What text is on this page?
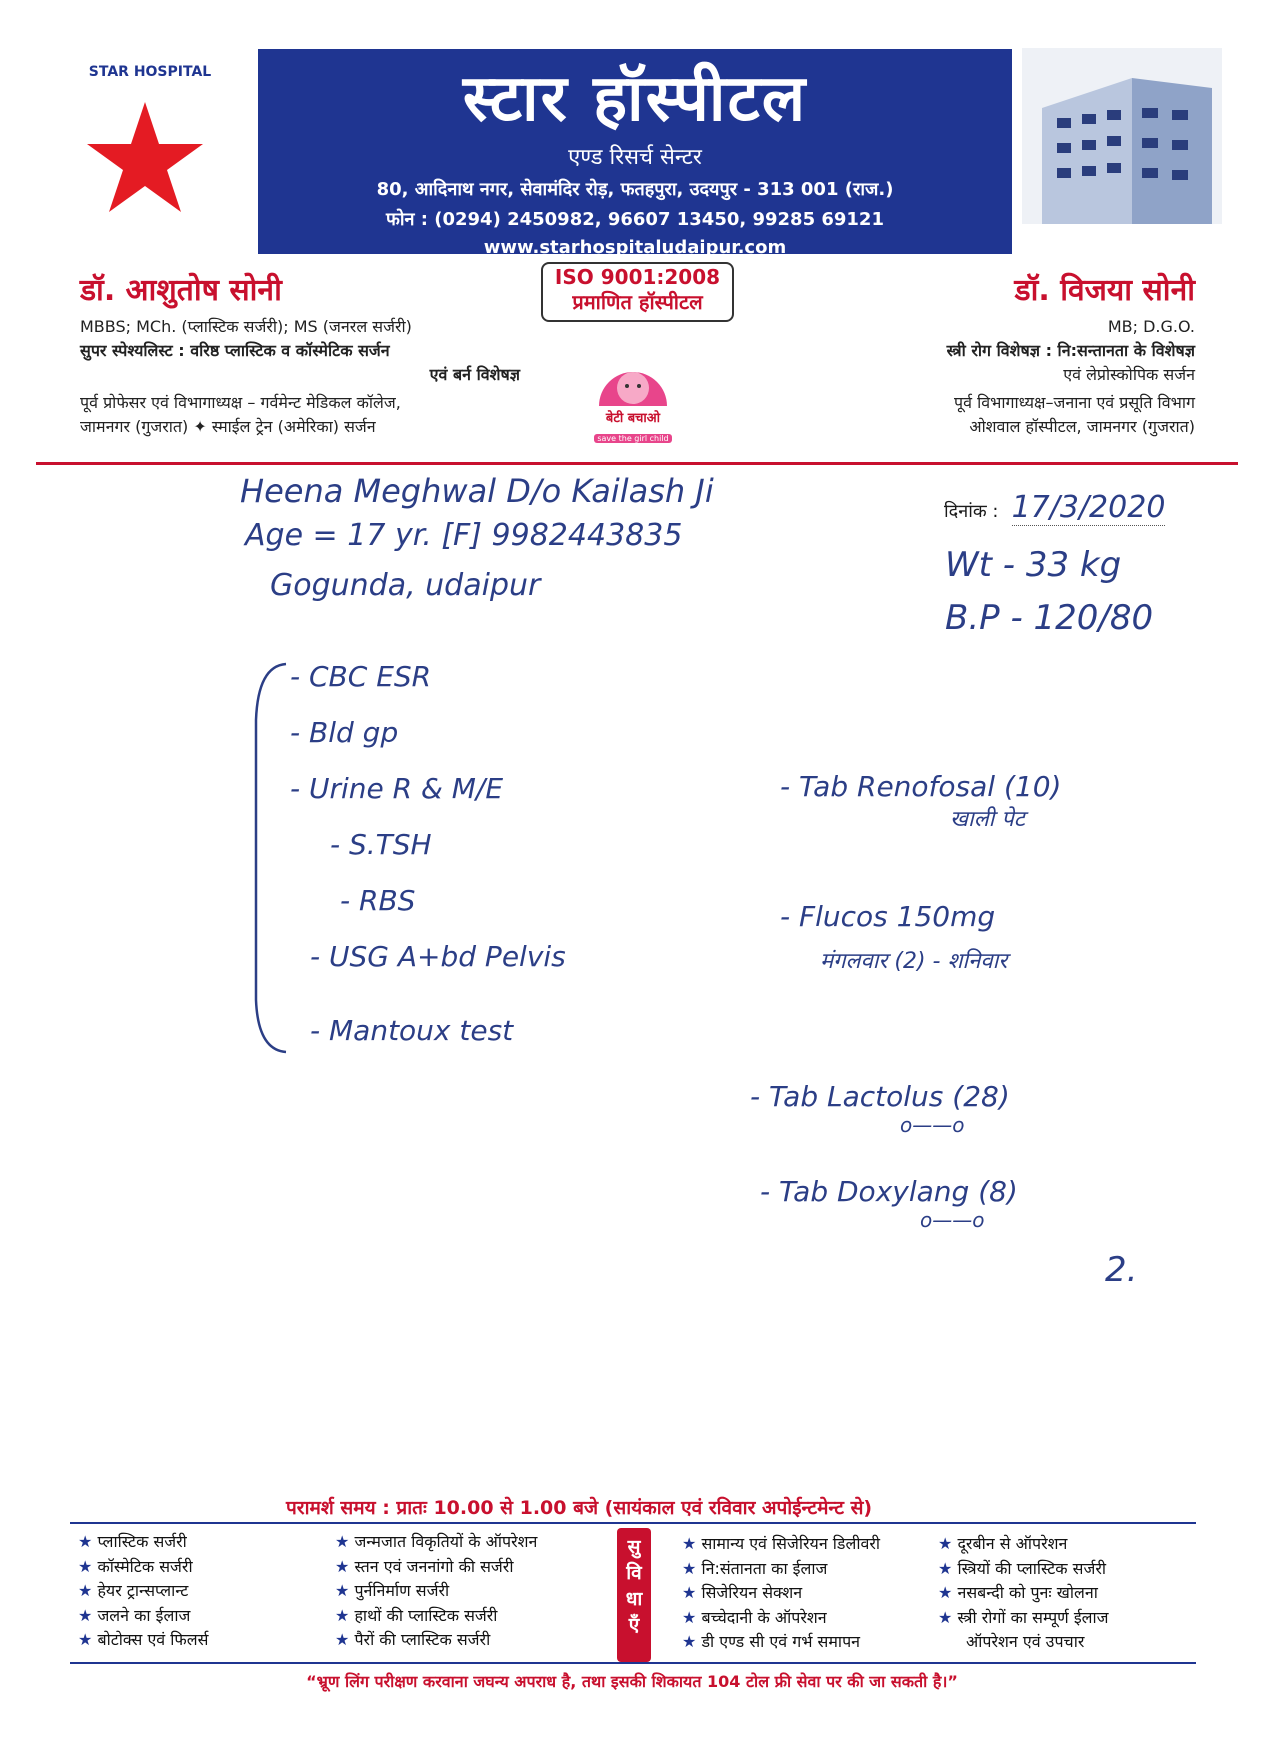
STAR HOSPITAL	स्टार हॉस्पीटल
एण्ड रिसर्च सेन्टर
80, आदिनाथ नगर, सेवामंदिर रोड़, फतहपुरा, उदयपुर - 313 001 (राज.)
फोन : (0294) 2450982, 96607 13450, 99285 69121
www.starhospitaludaipur.com
ISO 9001:2008
प्रमाणित हॉस्पीटल
बेटी बचाओ
save the girl child
डॉ. आशुतोष सोनी
MBBS; MCh. (प्लास्टिक सर्जरी); MS (जनरल सर्जरी)
सुपर स्पेश्यलिस्ट : वरिष्ठ प्लास्टिक व कॉस्मेटिक सर्जन
एवं बर्न विशेषज्ञ
पूर्व प्रोफेसर एवं विभागाध्यक्ष – गर्वमेन्ट मेडिकल कॉलेज,
जामनगर (गुजरात) ✦ स्माईल ट्रेन (अमेरिका) सर्जन
डॉ. विजया सोनी
MB; D.G.O.
स्त्री रोग विशेषज्ञ : नि:सन्तानता के विशेषज्ञ
एवं लेप्रोस्कोपिक सर्जन
पूर्व विभागाध्यक्ष–जनाना एवं प्रसूति विभाग
ओशवाल हॉस्पीटल, जामनगर (गुजरात)
दिनांक : 17/3/2020
Heena Meghwal D/o Kailash Ji
Age = 17 yr. [F] 9982443835
Gogunda, udaipur
Wt - 33 kg
B.P - 120/80
- CBC ESR
- Bld gp
- Urine R & M/E
- S.TSH
- RBS
- USG A+bd Pelvis
- Mantoux test
- Tab Renofosal (10)
खाली पेट
- Flucos 150mg
मंगलवार (2) - शनिवार
- Tab Lactolus (28)
o——o
- Tab Doxylang (8)
o——o
2.
परामर्श समय : प्रातः 10.00 से 1.00 बजे (सायंकाल एवं रविवार अपोईन्टमेन्ट से)
★ प्लास्टिक सर्जरी
★ कॉस्मेटिक सर्जरी
★ हेयर ट्रान्सप्लान्ट
★ जलने का ईलाज
★ बोटोक्स एवं फिलर्स
★ जन्मजात विकृतियों के ऑपरेशन
★ स्तन एवं जननांगो की सर्जरी
★ पुर्ननिर्माण सर्जरी
★ हाथों की प्लास्टिक सर्जरी
★ पैरों की प्लास्टिक सर्जरी
सु
वि
धा
एँ
★ सामान्य एवं सिजेरियन डिलीवरी
★ नि:संतानता का ईलाज
★ सिजेरियन सेक्शन
★ बच्चेदानी के ऑपरेशन
★ डी एण्ड सी एवं गर्भ समापन
★ दूरबीन से ऑपरेशन
★ स्त्रियों की प्लास्टिक सर्जरी
★ नसबन्दी को पुनः खोलना
★ स्त्री रोगों का सम्पूर्ण ईलाज
ऑपरेशन एवं उपचार
“भ्रूण लिंग परीक्षण करवाना जघन्य अपराध है, तथा इसकी शिकायत 104 टोल फ्री सेवा पर की जा सकती है।”
